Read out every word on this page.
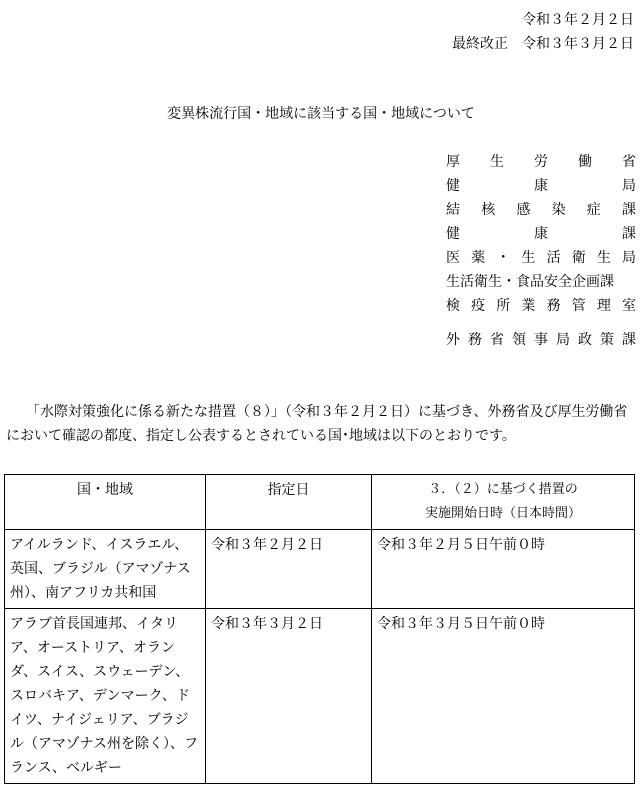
令和３年２月２日
最終改正　令和３年３月２日
変異株流行国・地域に該当する国・地域について
厚 生 労 働 省
健	康	局
結 核 感 染 症 課
健	康	課
医 薬 ・ 生 活 衛 生 局
生活衛生・食品安全企画課
検 疫 所 業 務 管 理 室
外 務 省 領 事 局 政 策 課

「水際対策強化に係る新たな措置（８）」（令和３年２月２日）に基づき、外務省及び厚生労働省において確認の都度、指定し公表するとされている国･地域は以下のとおりです。

国・地域	指定日	３．（２）に基づく措置の
実施開始日時（日本時間）

アイルランド、イスラエル、英国、ブラジル（アマゾナス州）、南アフリカ共和国	令和３年２月２日	令和３年２月５日午前０時
アラブ首長国連邦、イタリア、オーストリア、オランダ、スイス、スウェーデン、スロバキア、デンマーク、ドイツ、ナイジェリア、ブラジル（アマゾナス州を除く）、フランス、ベルギー	令和３年３月２日	令和３年３月５日午前０時
